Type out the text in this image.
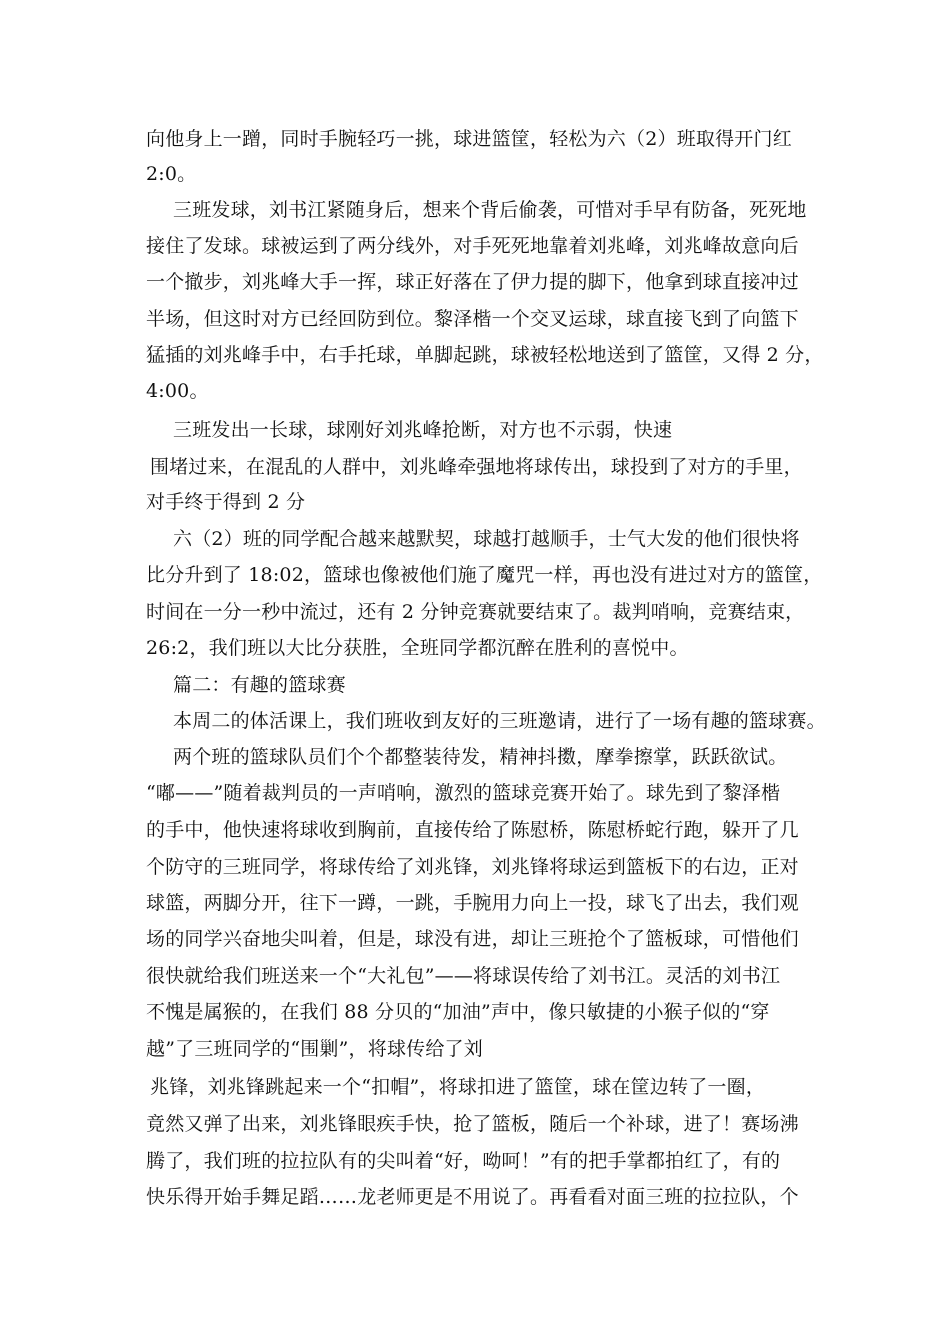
向他身上一蹭，同时手腕轻巧一挑，球进篮筐，轻松为六（2）班取得开门红
2:0。
三班发球，刘书江紧随身后，想来个背后偷袭，可惜对手早有防备，死死地
接住了发球。球被运到了两分线外，对手死死地靠着刘兆峰，刘兆峰故意向后
一个撤步，刘兆峰大手一挥，球正好落在了伊力提的脚下，他拿到球直接冲过
半场，但这时对方已经回防到位。黎泽楷一个交叉运球，球直接飞到了向篮下
猛插的刘兆峰手中，右手托球，单脚起跳，球被轻松地送到了篮筐，又得 2 分，
4:00。
三班发出一长球，球刚好刘兆峰抢断，对方也不示弱，快速
围堵过来，在混乱的人群中，刘兆峰牵强地将球传出，球投到了对方的手里，
对手终于得到 2 分
六（2）班的同学配合越来越默契，球越打越顺手，士气大发的他们很快将
比分升到了 18:02，篮球也像被他们施了魔咒一样，再也没有进过对方的篮筐，
时间在一分一秒中流过，还有 2 分钟竞赛就要结束了。裁判哨响，竞赛结束，
26:2，我们班以大比分获胜，全班同学都沉醉在胜利的喜悦中。
篇二：有趣的篮球赛
本周二的体活课上，我们班收到友好的三班邀请，进行了一场有趣的篮球赛。
两个班的篮球队员们个个都整装待发，精神抖擞，摩拳擦掌，跃跃欲试。
“嘟——”随着裁判员的一声哨响，激烈的篮球竞赛开始了。球先到了黎泽楷
的手中，他快速将球收到胸前，直接传给了陈慰桥，陈慰桥蛇行跑，躲开了几
个防守的三班同学，将球传给了刘兆锋，刘兆锋将球运到篮板下的右边，正对
球篮，两脚分开，往下一蹲，一跳，手腕用力向上一投，球飞了出去，我们观
场的同学兴奋地尖叫着，但是，球没有进，却让三班抢个了篮板球，可惜他们
很快就给我们班送来一个“大礼包”——将球误传给了刘书江。灵活的刘书江
不愧是属猴的，在我们 88 分贝的“加油”声中，像只敏捷的小猴子似的“穿
越”了三班同学的“围剿”，将球传给了刘
兆锋，刘兆锋跳起来一个“扣帽”，将球扣进了篮筐，球在筐边转了一圈，
竟然又弹了出来，刘兆锋眼疾手快，抢了篮板，随后一个补球，进了！赛场沸
腾了，我们班的拉拉队有的尖叫着“好，呦呵！”有的把手掌都拍红了，有的
快乐得开始手舞足蹈……龙老师更是不用说了。再看看对面三班的拉拉队，个
